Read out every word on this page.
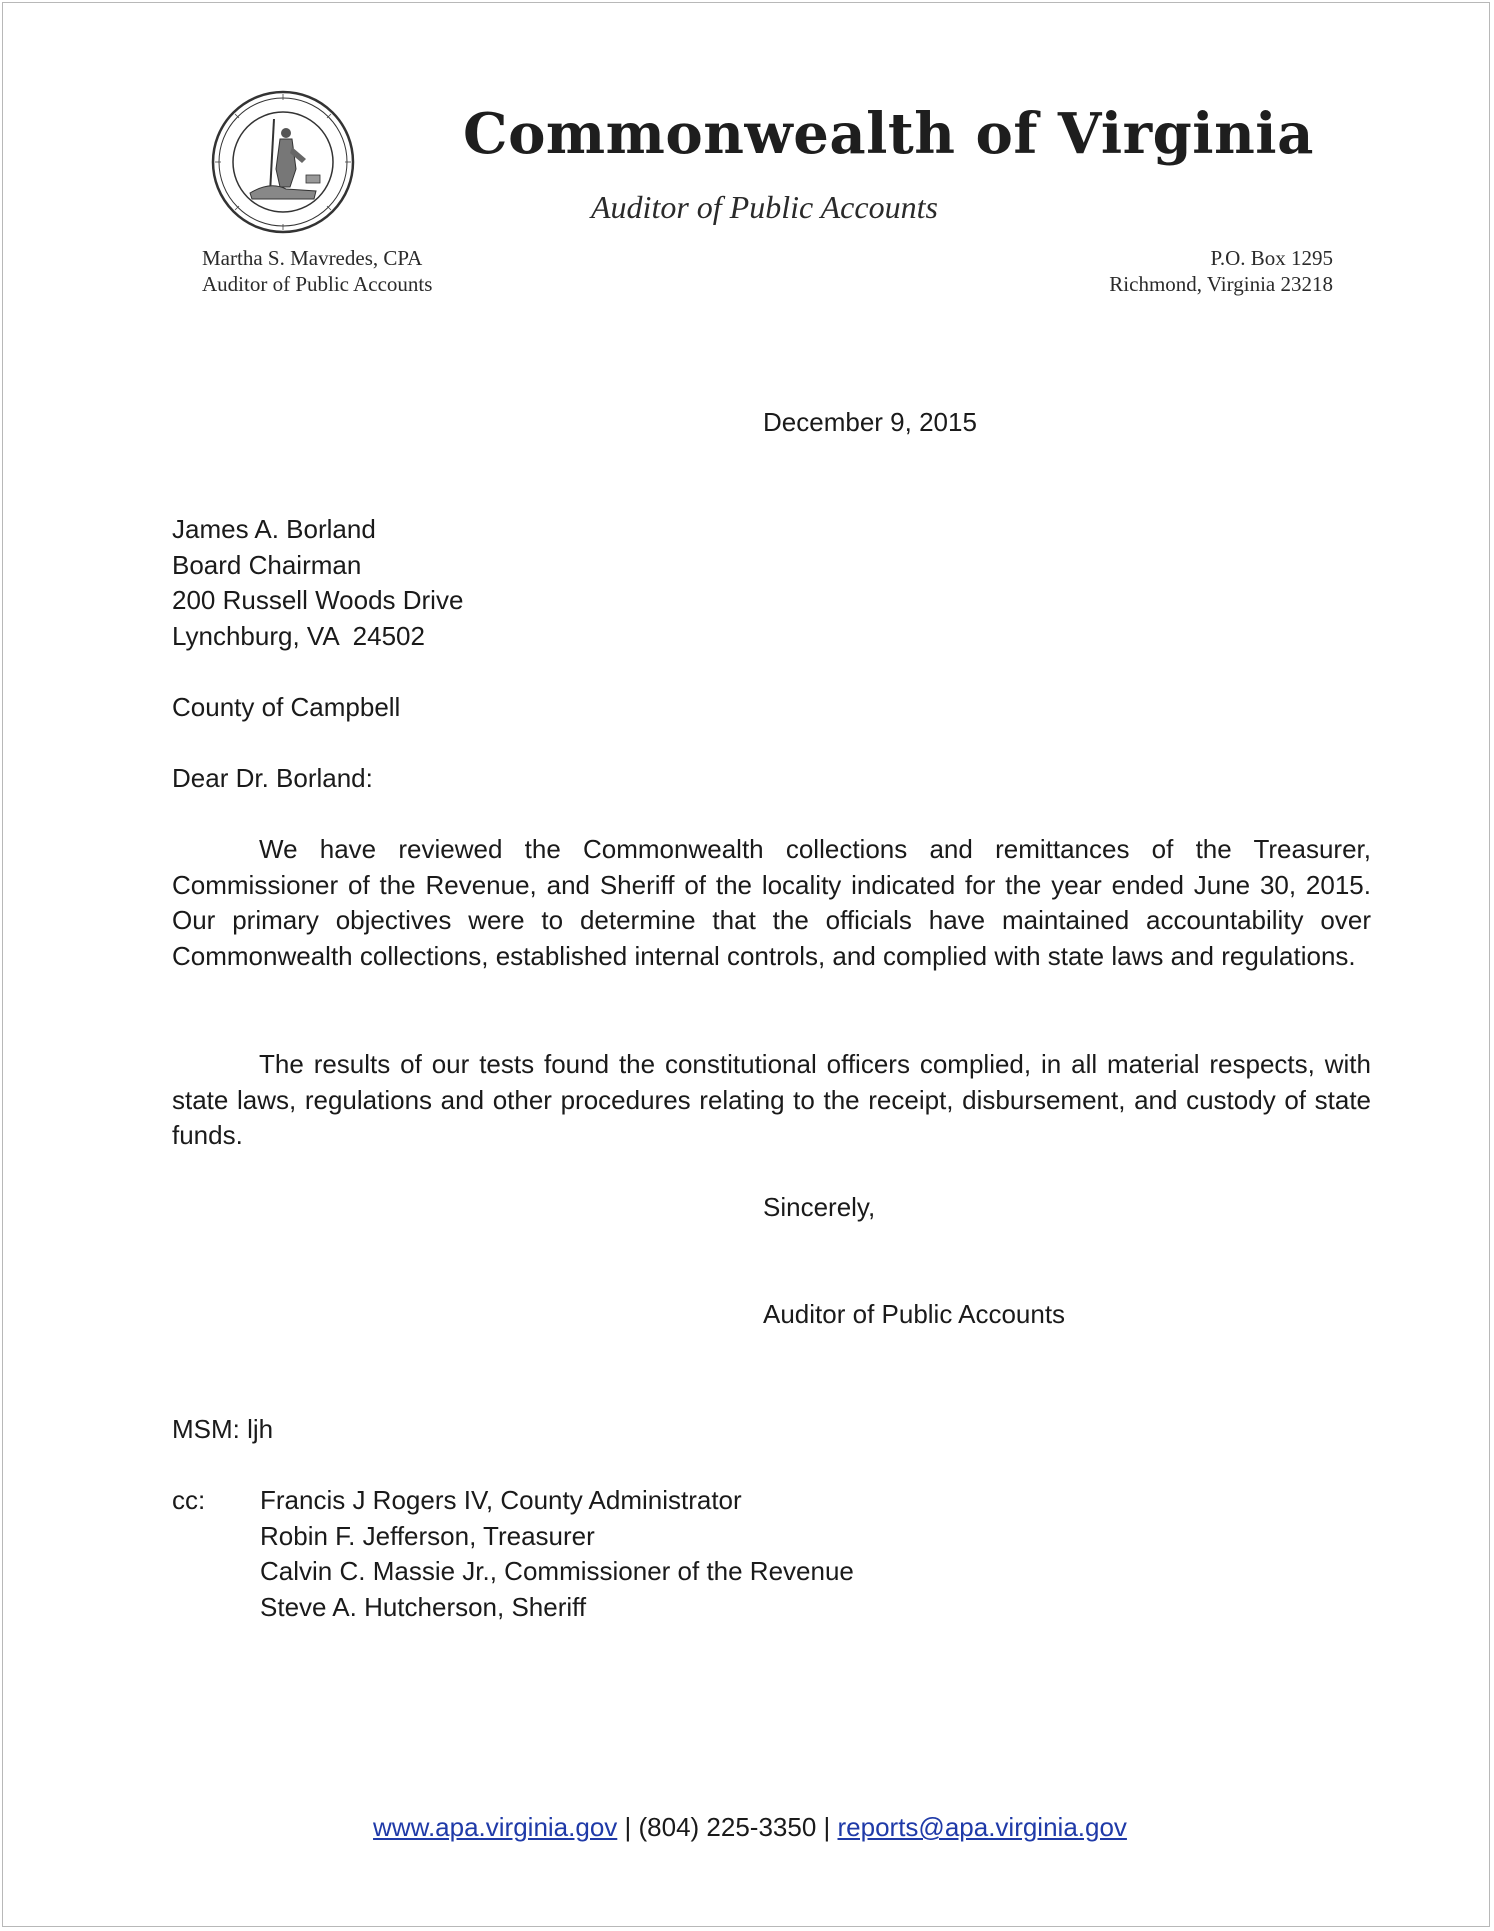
Commonwealth of Virginia
Auditor of Public Accounts
Martha S. Mavredes, CPA
Auditor of Public Accounts
P.O. Box 1295
Richmond, Virginia 23218
December 9, 2015
James A. Borland
Board Chairman
200 Russell Woods Drive
Lynchburg, VA  24502
County of Campbell
Dear Dr. Borland:
We have reviewed the Commonwealth collections and remittances of the Treasurer, Commissioner of the Revenue, and Sheriff of the locality indicated for the year ended June 30, 2015. Our primary objectives were to determine that the officials have maintained accountability over Commonwealth collections, established internal controls, and complied with state laws and regulations.
The results of our tests found the constitutional officers complied, in all material respects, with state laws, regulations and other procedures relating to the receipt, disbursement, and custody of state funds.
Sincerely,
Auditor of Public Accounts
MSM: ljh
cc: Francis J Rogers IV, County Administrator
Robin F. Jefferson, Treasurer
Calvin C. Massie Jr., Commissioner of the Revenue
Steve A. Hutcherson, Sheriff
www.apa.virginia.gov | (804) 225-3350 | reports@apa.virginia.gov
